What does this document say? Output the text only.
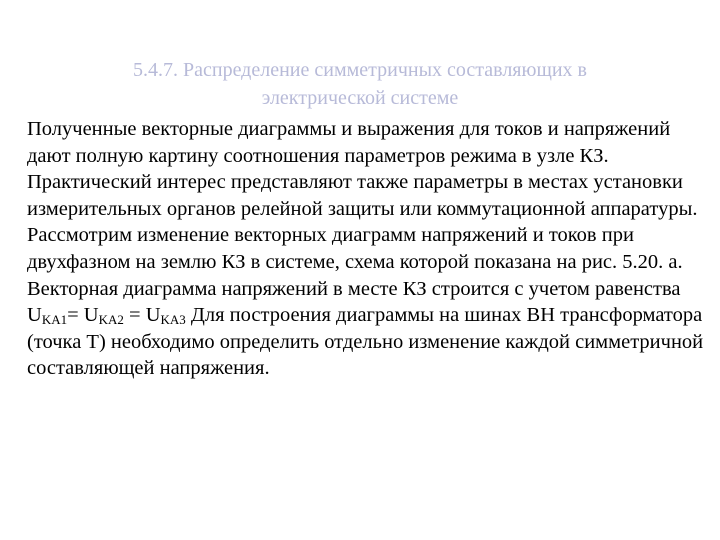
5.4.7. Распределение симметричных составляющих в
электрической системе

Полученные векторные диаграммы и выражения для токов и напряжений дают полную картину соотношения параметров режима в узле КЗ. Практический интерес представляют также параметры в местах установки измерительных органов релейной защиты или коммутационной аппаратуры. Рассмотрим изменение векторных диаграмм напряжений и токов при двухфазном на землю КЗ в системе, схема которой показана на рис. 5.20. а.

Векторная диаграмма напряжений в месте КЗ строится с учетом равенства $U_{KA1}= U_{KA2} = U_{KA3}$ Для построения диаграммы на шинах ВН трансформатора (точка Т) необходимо определить отдельно изменение каждой симметричной составляющей напряжения.
